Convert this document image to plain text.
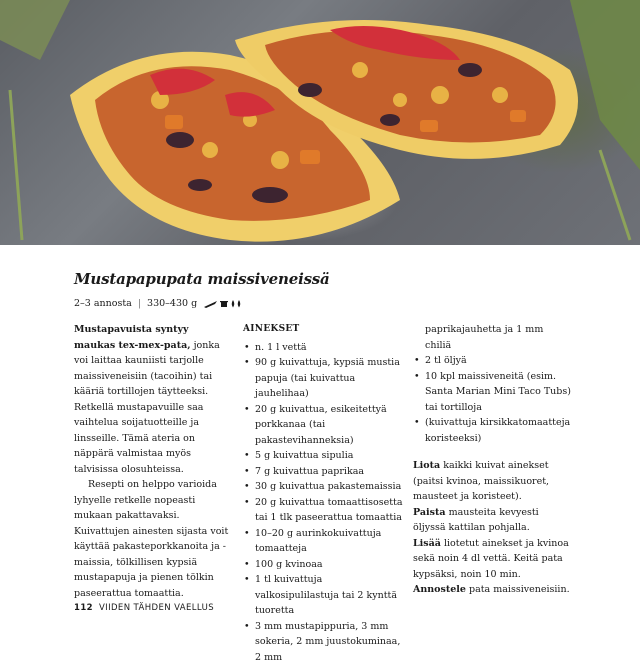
Mustapapupata maissiveneissä
2–3 annosta | 330–430 g

Mustapavuista syntyy maukas tex-mex-pata, jonka voi laittaa kauniisti tarjolle maissiveneisiin (tacoihin) tai kääriä tortillojen täytteeksi. Retkellä mustapavuille saa vaihtelua soijatuotteille ja linsseille. Tämä ateria on näppärä valmistaa myös talvisissa olosuhteissa.

Resepti on helppo varioida lyhyelle retkelle nopeasti mukaan pakattavaksi. Kuivattujen ainesten sijasta voit käyttää pakasteporkkanoita ja -maissia, tölkillisen kypsiä mustapapuja ja pienen tölkin paseerattua tomaattia.

AINEKSET
• n. 1 l vettä
• 90 g kuivattuja, kypsiä mustia papuja (tai kuivattua jauhelihaa)
• 20 g kuivattua, esikeitettyä porkkanaa (tai pakastevihanneksia)
• 5 g kuivattua sipulia
• 7 g kuivattua paprikaa
• 30 g kuivattua pakastemaissia
• 20 g kuivattua tomaattisosetta tai 1 tlk paseerattua tomaattia
• 10–20 g aurinkokuivattuja tomaatteja
• 100 g kvinoaa
• 1 tl kuivattuja valkosipulilastuja tai 2 kynttä tuoretta
• 3 mm mustapippuria, 3 mm sokeria, 2 mm juustokuminaa, 2 mm
paprikajauhetta ja 1 mm chiliä
• 2 tl öljyä
• 10 kpl maissiveneitä (esim. Santa Marian Mini Taco Tubs) tai tortilloja
• (kuivattuja kirsikkatomaatteja koristeeksi)

Liota kaikki kuivat ainekset (paitsi kvinoa, maissikuoret, mausteet ja koristeet).

Paista mausteita kevyesti öljyssä kattilan pohjalla.

Lisää liotetut ainekset ja kvinoa sekä noin 4 dl vettä. Keitä pata kypsäksi, noin 10 min.

Annostele pata maissiveneisiin.

112 VIIDEN TÄHDEN VAELLUS
